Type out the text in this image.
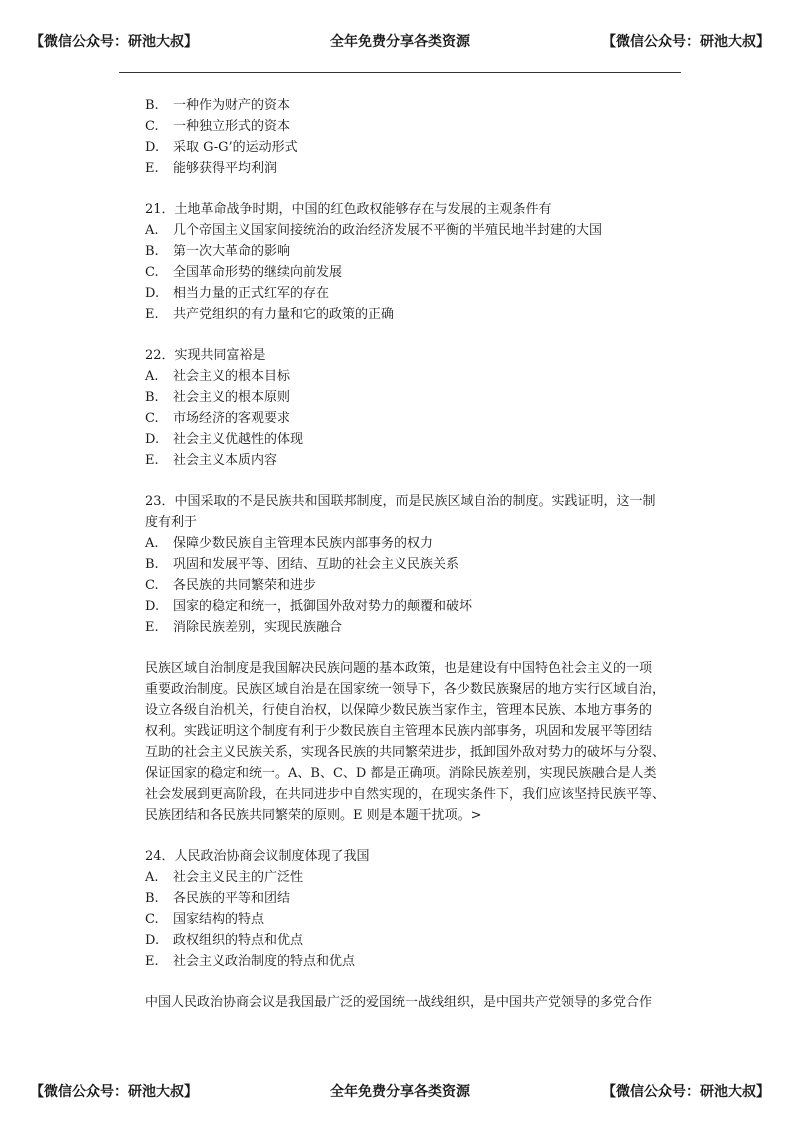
【微信公众号：研池大叔】	全年免费分享各类资源	【微信公众号：研池大叔】
B. 一种作为财产的资本
C. 一种独立形式的资本
D. 采取 G-G’的运动形式
E. 能够获得平均利润
21．土地革命战争时期，中国的红色政权能够存在与发展的主观条件有
A. 几个帝国主义国家间接统治的政治经济发展不平衡的半殖民地半封建的大国
B. 第一次大革命的影响
C. 全国革命形势的继续向前发展
D. 相当力量的正式红军的存在
E. 共产党组织的有力量和它的政策的正确
22．实现共同富裕是
A. 社会主义的根本目标
B. 社会主义的根本原则
C. 市场经济的客观要求
D. 社会主义优越性的体现
E. 社会主义本质内容
23．中国采取的不是民族共和国联邦制度，而是民族区域自治的制度。实践证明，这一制
度有利于
A. 保障少数民族自主管理本民族内部事务的权力
B. 巩固和发展平等、团结、互助的社会主义民族关系
C. 各民族的共同繁荣和进步
D. 国家的稳定和统一，抵御国外敌对势力的颠覆和破坏
E. 消除民族差别，实现民族融合
民族区域自治制度是我国解决民族问题的基本政策，也是建设有中国特色社会主义的一项
重要政治制度。民族区域自治是在国家统一领导下，各少数民族聚居的地方实行区域自治，
设立各级自治机关，行使自治权，以保障少数民族当家作主，管理本民族、本地方事务的
权利。实践证明这个制度有利于少数民族自主管理本民族内部事务，巩固和发展平等团结
互助的社会主义民族关系，实现各民族的共同繁荣进步，抵卸国外敌对势力的破坏与分裂、
保证国家的稳定和统一。A、B、C、D 都是正确项。消除民族差别，实现民族融合是人类
社会发展到更高阶段，在共同进步中自然实现的，在现实条件下，我们应该坚持民族平等、
民族团结和各民族共同繁荣的原则。E 则是本题干扰项。>
24．人民政治协商会议制度体现了我国
A. 社会主义民主的广泛性
B. 各民族的平等和团结
C. 国家结构的特点
D. 政权组织的特点和优点
E. 社会主义政治制度的特点和优点
中国人民政治协商会议是我国最广泛的爱国统一战线组织，是中国共产党领导的多党合作
【微信公众号：研池大叔】	全年免费分享各类资源	【微信公众号：研池大叔】
